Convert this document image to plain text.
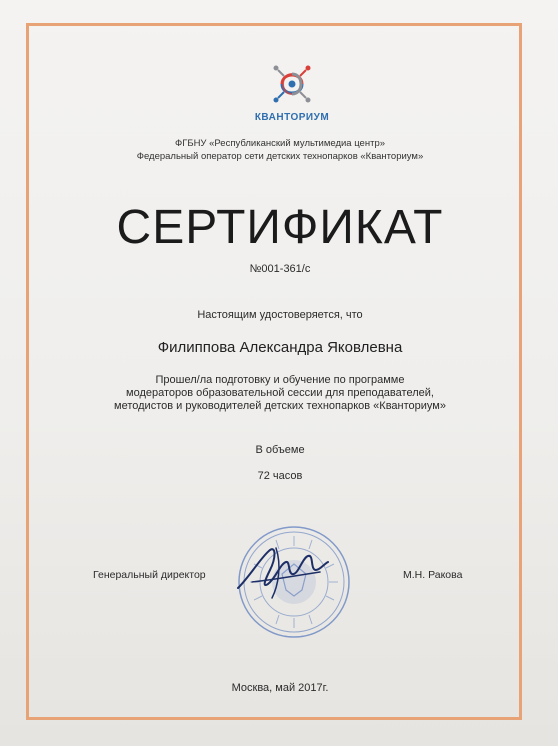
КВАНТОРИУМ
ФГБНУ «Республиканский мультимедиа центр»
Федеральный оператор сети детских технопарков «Кванториум»
СЕРТИФИКАТ
№001-361/с
Настоящим удостоверяется, что
Филиппова Александра Яковлевна
Прошел/ла подготовку и обучение по программе
модераторов образовательной сессии для преподавателей,
методистов и руководителей детских технопарков «Кванториум»
В объеме
72 часов
Генеральный директор	М.Н. Ракова
Москва, май 2017г.
